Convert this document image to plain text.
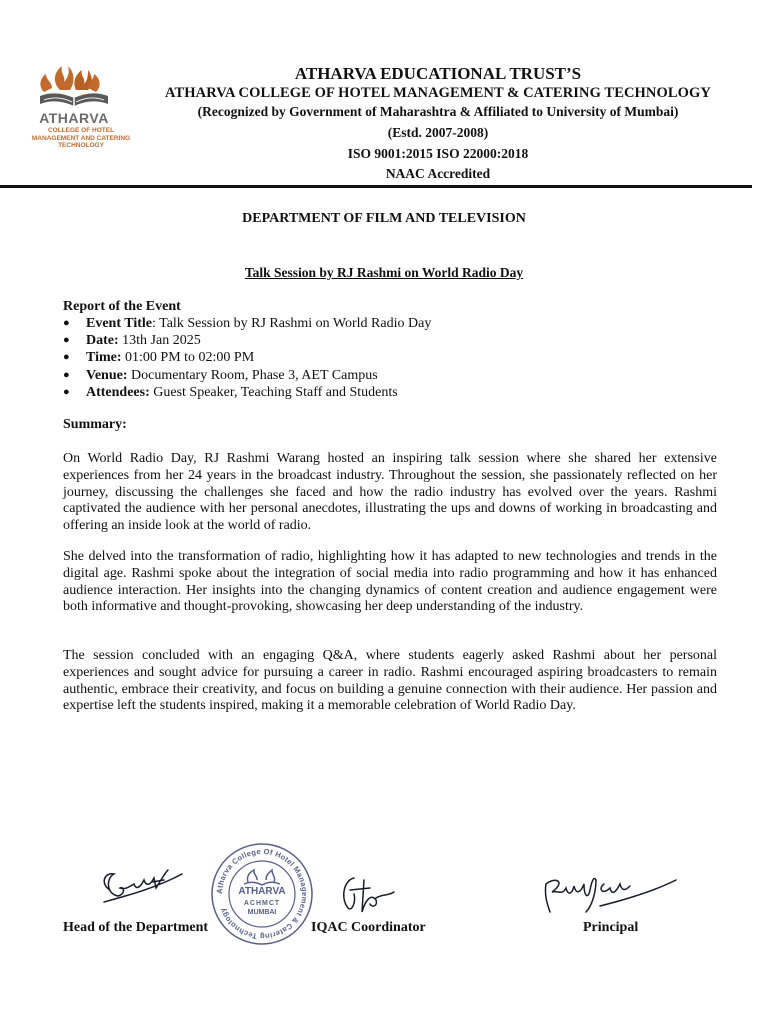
ATHARVA
COLLEGE OF HOTEL MANAGEMENT AND CATERING TECHNOLOGY
ATHARVA EDUCATIONAL TRUST’S
ATHARVA COLLEGE OF HOTEL MANAGEMENT & CATERING TECHNOLOGY
(Recognized by Government of Maharashtra & Affiliated to University of Mumbai)
(Estd. 2007-2008)
ISO 9001:2015 ISO 22000:2018
NAAC Accredited
DEPARTMENT OF FILM AND TELEVISION
Talk Session by RJ Rashmi on World Radio Day
Report of the Event
● Event Title: Talk Session by RJ Rashmi on World Radio Day
● Date: 13th Jan 2025
● Time: 01:00 PM to 02:00 PM
● Venue: Documentary Room, Phase 3, AET Campus
● Attendees: Guest Speaker, Teaching Staff and Students
Summary:

On World Radio Day, RJ Rashmi Warang hosted an inspiring talk session where she shared her extensive experiences from her 24 years in the broadcast industry. Throughout the session, she passionately reflected on her journey, discussing the challenges she faced and how the radio industry has evolved over the years. Rashmi captivated the audience with her personal anecdotes, illustrating the ups and downs of working in broadcasting and offering an inside look at the world of radio.

She delved into the transformation of radio, highlighting how it has adapted to new technologies and trends in the digital age. Rashmi spoke about the integration of social media into radio programming and how it has enhanced audience interaction. Her insights into the changing dynamics of content creation and audience engagement were both informative and thought-provoking, showcasing her deep understanding of the industry.

The session concluded with an engaging Q&A, where students eagerly asked Rashmi about her personal experiences and sought advice for pursuing a career in radio. Rashmi encouraged aspiring broadcasters to remain authentic, embrace their creativity, and focus on building a genuine connection with their audience. Her passion and expertise left the students inspired, making it a memorable celebration of World Radio Day.

Atharva College Of Hotel Management & Catering Technology
ATHARVA
ACHMCT
MUMBAI
Head of the Department	IQAC Coordinator	Principal
